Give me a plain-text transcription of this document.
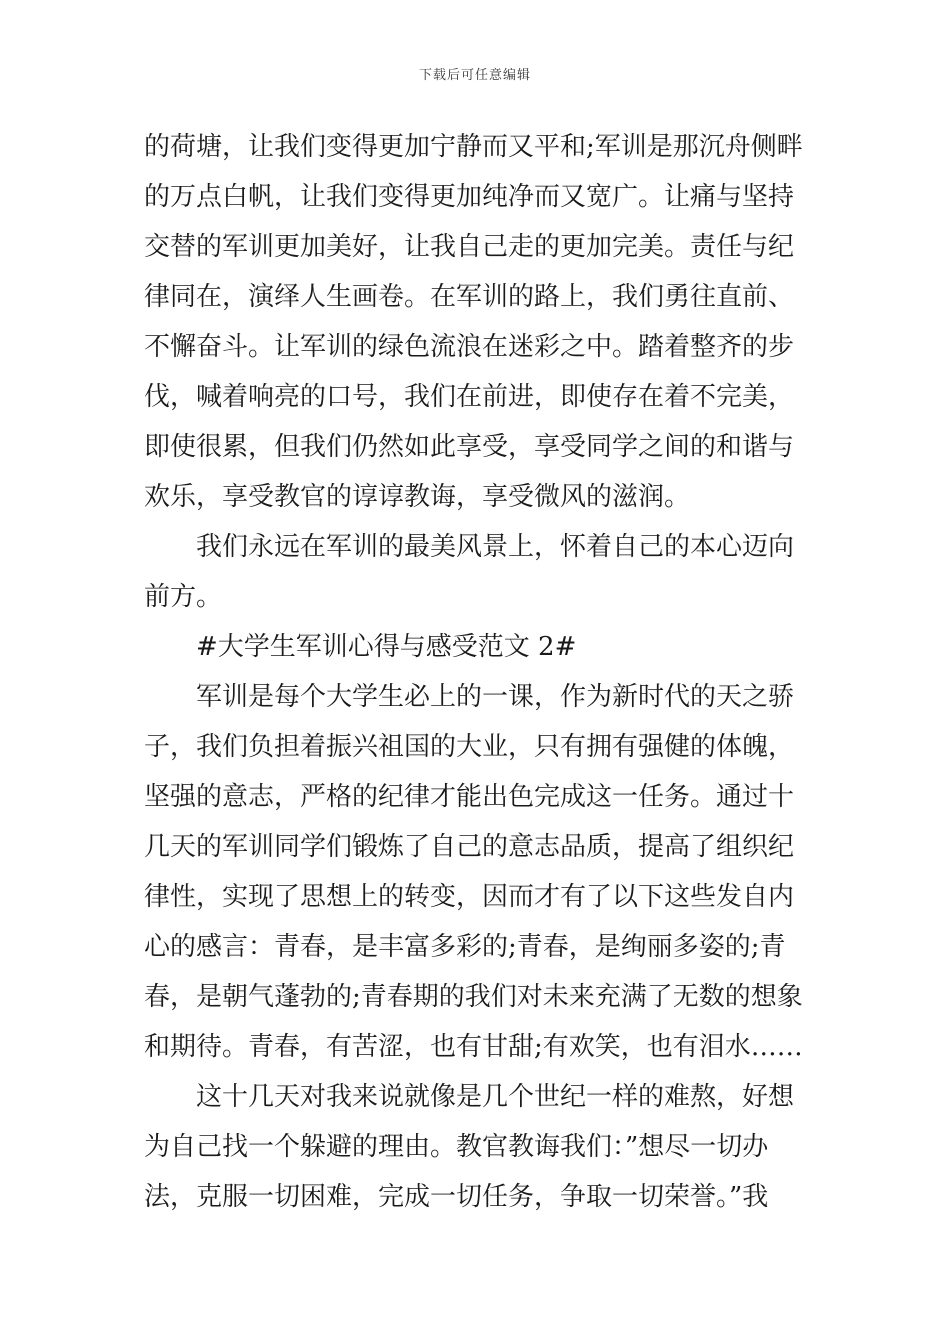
下载后可任意编辑
的荷塘，让我们变得更加宁静而又平和;军训是那沉舟侧畔
的万点白帆，让我们变得更加纯净而又宽广。让痛与坚持
交替的军训更加美好，让我自己走的更加完美。责任与纪
律同在，演绎人生画卷。在军训的路上，我们勇往直前、
不懈奋斗。让军训的绿色流浪在迷彩之中。踏着整齐的步
伐，喊着响亮的口号，我们在前进，即使存在着不完美，
即使很累，但我们仍然如此享受，享受同学之间的和谐与
欢乐，享受教官的谆谆教诲，享受微风的滋润。
我们永远在军训的最美风景上，怀着自己的本心迈向
前方。
#大学生军训心得与感受范文 2#
军训是每个大学生必上的一课，作为新时代的天之骄
子，我们负担着振兴祖国的大业，只有拥有强健的体魄，
坚强的意志，严格的纪律才能出色完成这一任务。通过十
几天的军训同学们锻炼了自己的意志品质，提高了组织纪
律性，实现了思想上的转变，因而才有了以下这些发自内
心的感言：青春，是丰富多彩的;青春，是绚丽多姿的;青
春，是朝气蓬勃的;青春期的我们对未来充满了无数的想象
和期待。青春，有苦涩，也有甘甜;有欢笑，也有泪水……
这十几天对我来说就像是几个世纪一样的难熬，好想
为自己找一个躲避的理由。教官教诲我们：”想尽一切办
法，克服一切困难，完成一切任务，争取一切荣誉。”我
